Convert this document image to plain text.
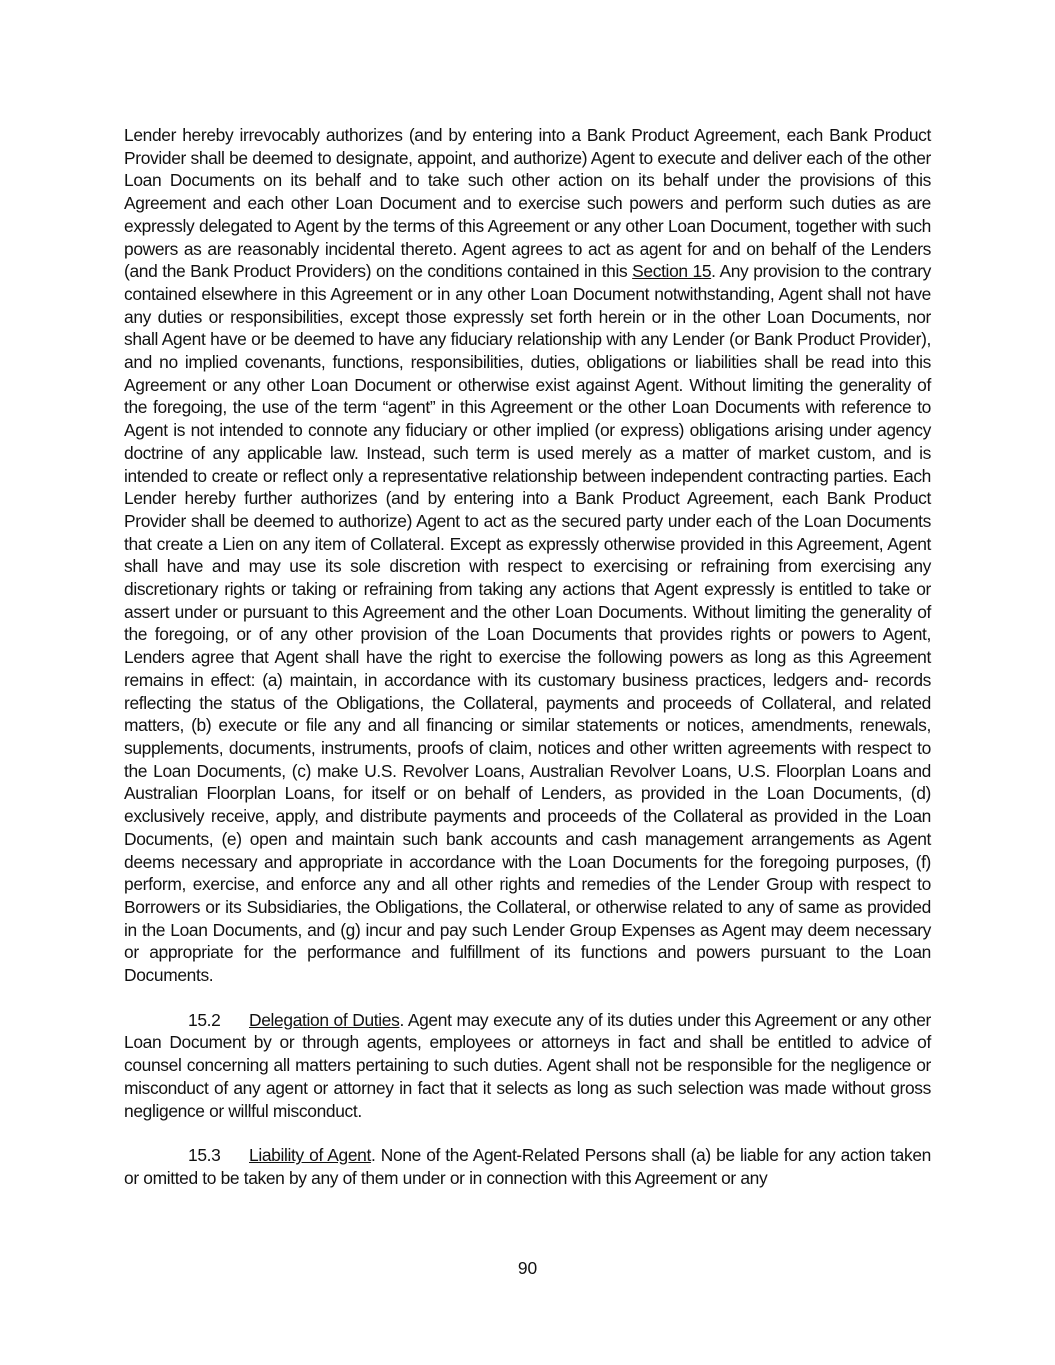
Lender hereby irrevocably authorizes (and by entering into a Bank Product Agreement, each Bank Product Provider shall be deemed to designate, appoint, and authorize) Agent to execute and deliver each of the other Loan Documents on its behalf and to take such other action on its behalf under the provisions of this Agreement and each other Loan Document and to exercise such powers and perform such duties as are expressly delegated to Agent by the terms of this Agreement or any other Loan Document, together with such powers as are reasonably incidental thereto. Agent agrees to act as agent for and on behalf of the Lenders (and the Bank Product Providers) on the conditions contained in this Section 15. Any provision to the contrary contained elsewhere in this Agreement or in any other Loan Document notwithstanding, Agent shall not have any duties or responsibilities, except those expressly set forth herein or in the other Loan Documents, nor shall Agent have or be deemed to have any fiduciary relationship with any Lender (or Bank Product Provider), and no implied covenants, functions, responsibilities, duties, obligations or liabilities shall be read into this Agreement or any other Loan Document or otherwise exist against Agent. Without limiting the generality of the foregoing, the use of the term “agent” in this Agreement or the other Loan Documents with reference to Agent is not intended to connote any fiduciary or other implied (or express) obligations arising under agency doctrine of any applicable law. Instead, such term is used merely as a matter of market custom, and is intended to create or reflect only a representative relationship between independent contracting parties. Each Lender hereby further authorizes (and by entering into a Bank Product Agreement, each Bank Product Provider shall be deemed to authorize) Agent to act as the secured party under each of the Loan Documents that create a Lien on any item of Collateral. Except as expressly otherwise provided in this Agreement, Agent shall have and may use its sole discretion with respect to exercising or refraining from exercising any discretionary rights or taking or refraining from taking any actions that Agent expressly is entitled to take or assert under or pursuant to this Agreement and the other Loan Documents. Without limiting the generality of the foregoing, or of any other provision of the Loan Documents that provides rights or powers to Agent, Lenders agree that Agent shall have the right to exercise the following powers as long as this Agreement remains in effect: (a) maintain, in accordance with its customary business practices, ledgers and- records reflecting the status of the Obligations, the Collateral, payments and proceeds of Collateral, and related matters, (b) execute or file any and all financing or similar statements or notices, amendments, renewals, supplements, documents, instruments, proofs of claim, notices and other written agreements with respect to the Loan Documents, (c) make U.S. Revolver Loans, Australian Revolver Loans, U.S. Floorplan Loans and Australian Floorplan Loans, for itself or on behalf of Lenders, as provided in the Loan Documents, (d) exclusively receive, apply, and distribute payments and proceeds of the Collateral as provided in the Loan Documents, (e) open and maintain such bank accounts and cash management arrangements as Agent deems necessary and appropriate in accordance with the Loan Documents for the foregoing purposes, (f) perform, exercise, and enforce any and all other rights and remedies of the Lender Group with respect to Borrowers or its Subsidiaries, the Obligations, the Collateral, or otherwise related to any of same as provided in the Loan Documents, and (g) incur and pay such Lender Group Expenses as Agent may deem necessary or appropriate for the performance and fulfillment of its functions and powers pursuant to the Loan Documents.

15.2 Delegation of Duties. Agent may execute any of its duties under this Agreement or any other Loan Document by or through agents, employees or attorneys in fact and shall be entitled to advice of counsel concerning all matters pertaining to such duties. Agent shall not be responsible for the negligence or misconduct of any agent or attorney in fact that it selects as long as such selection was made without gross negligence or willful misconduct.

15.3 Liability of Agent. None of the Agent-Related Persons shall (a) be liable for any action taken or omitted to be taken by any of them under or in connection with this Agreement or any

90
